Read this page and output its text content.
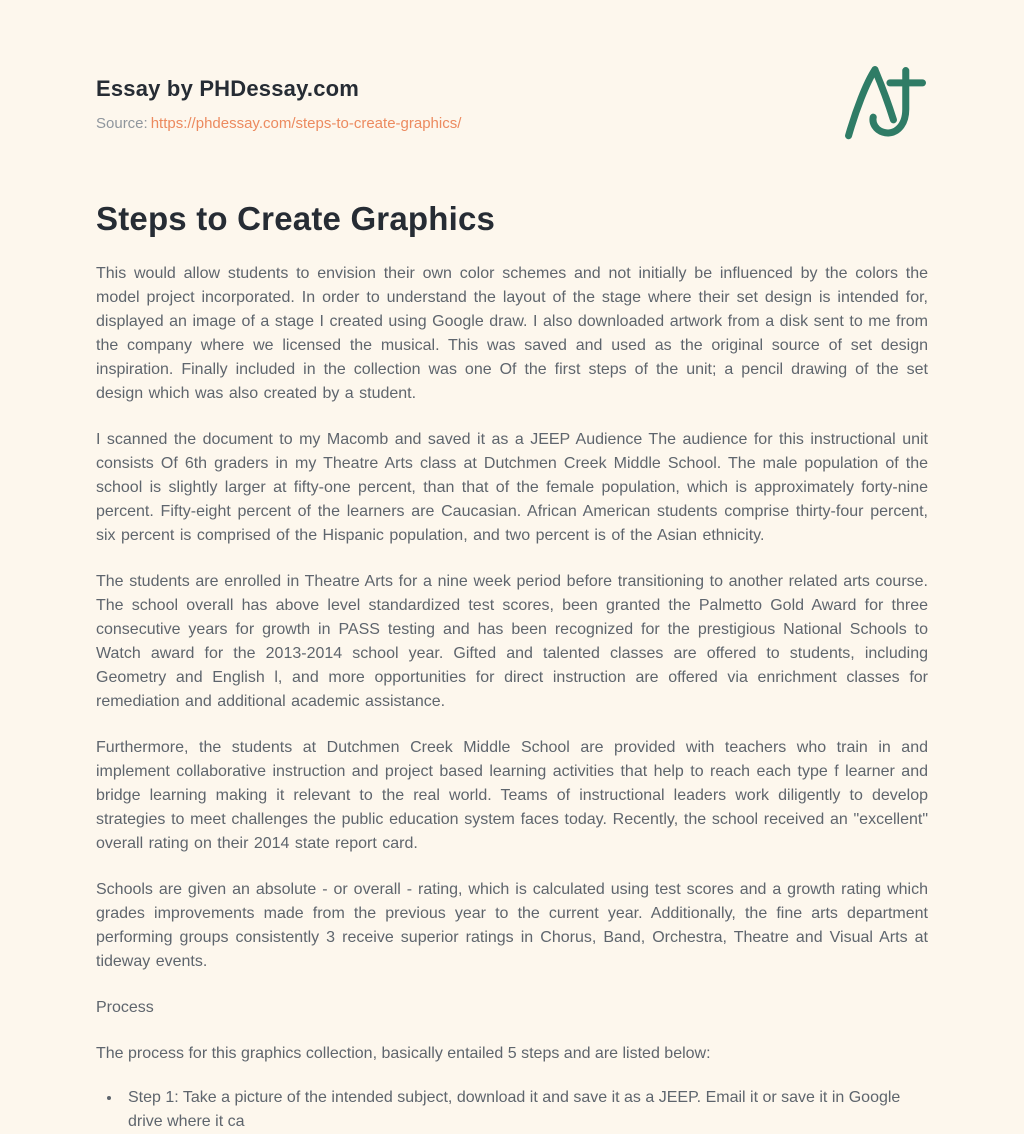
Essay by PHDessay.com
Source: https://phdessay.com/steps-to-create-graphics/
Steps to Create Graphics

This would allow students to envision their own color schemes and not initially be influenced by the colors the model project incorporated. In order to understand the layout of the stage where their set design is intended for, displayed an image of a stage I created using Google draw. I also downloaded artwork from a disk sent to me from the company where we licensed the musical. This was saved and used as the original source of set design inspiration. Finally included in the collection was one Of the first steps of the unit; a pencil drawing of the set design which was also created by a student.

I scanned the document to my Macomb and saved it as a JEEP Audience The audience for this instructional unit consists Of 6th graders in my Theatre Arts class at Dutchmen Creek Middle School. The male population of the school is slightly larger at fifty-one percent, than that of the female population, which is approximately forty-nine percent. Fifty-eight percent of the learners are Caucasian. African American students comprise thirty-four percent, six percent is comprised of the Hispanic population, and two percent is of the Asian ethnicity.

The students are enrolled in Theatre Arts for a nine week period before transitioning to another related arts course. The school overall has above level standardized test scores, been granted the Palmetto Gold Award for three consecutive years for growth in PASS testing and has been recognized for the prestigious National Schools to Watch award for the 2013-2014 school year. Gifted and talented classes are offered to students, including Geometry and English l, and more opportunities for direct instruction are offered via enrichment classes for remediation and additional academic assistance.

Furthermore, the students at Dutchmen Creek Middle School are provided with teachers who train in and implement collaborative instruction and project based learning activities that help to reach each type f learner and bridge learning making it relevant to the real world. Teams of instructional leaders work diligently to develop strategies to meet challenges the public education system faces today. Recently, the school received an "excellent" overall rating on their 2014 state report card.

Schools are given an absolute - or overall - rating, which is calculated using test scores and a growth rating which grades improvements made from the previous year to the current year. Additionally, the fine arts department performing groups consistently 3 receive superior ratings in Chorus, Band, Orchestra, Theatre and Visual Arts at tideway events.

Process

The process for this graphics collection, basically entailed 5 steps and are listed below:

• Step 1: Take a picture of the intended subject, download it and save it as a JEEP. Email it or save it in Google drive where it ca
